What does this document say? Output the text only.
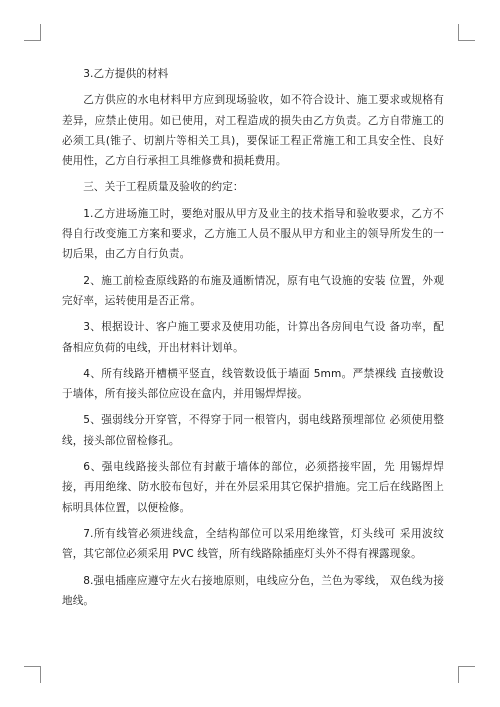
3.乙方提供的材料

乙方供应的水电材料甲方应到现场验收，如不符合设计、施工要求或规格有差异，应禁止使用。如已使用，对工程造成的损失由乙方负责。乙方自带施工的必须工具(锥子、切割片等相关工具)，要保证工程正常施工和工具安全性、良好使用性，乙方自行承担工具维修费和损耗费用。

三、关于工程质量及验收的约定：

1.乙方进场施工时，要绝对服从甲方及业主的技术指导和验收要求，乙方不得自行改变施工方案和要求，乙方施工人员不服从甲方和业主的领导所发生的一切后果，由乙方自行负责。

2、施工前检查原线路的布施及通断情况，原有电气设施的安装 位置，外观完好率，运转使用是否正常。

3、根据设计、客户施工要求及使用功能，计算出各房间电气设 备功率，配备相应负荷的电线，开出材料计划单。

4、所有线路开槽横平竖直，线管数设低于墙面 5mm。严禁裸线 直接敷设于墙体，所有接头部位应设在盒内，并用锡焊焊接。

5、强弱线分开穿管，不得穿于同一根管内，弱电线路预埋部位 必须使用整线，接头部位留检修孔。

6、强电线路接头部位有封蔽于墙体的部位，必须搭接牢固，先 用锡焊焊接，再用绝缘、防水胶布包好，并在外层采用其它保护措施。完工后在线路图上标明具体位置，以便检修。

7.所有线管必须进线盒，全结构部位可以采用绝缘管，灯头线可 采用波纹管，其它部位必须采用 PVC 线管，所有线路除插座灯头外不得有裸露现象。

8.强电插座应遵守左火右接地原则，电线应分色，兰色为零线， 双色线为接地线。
